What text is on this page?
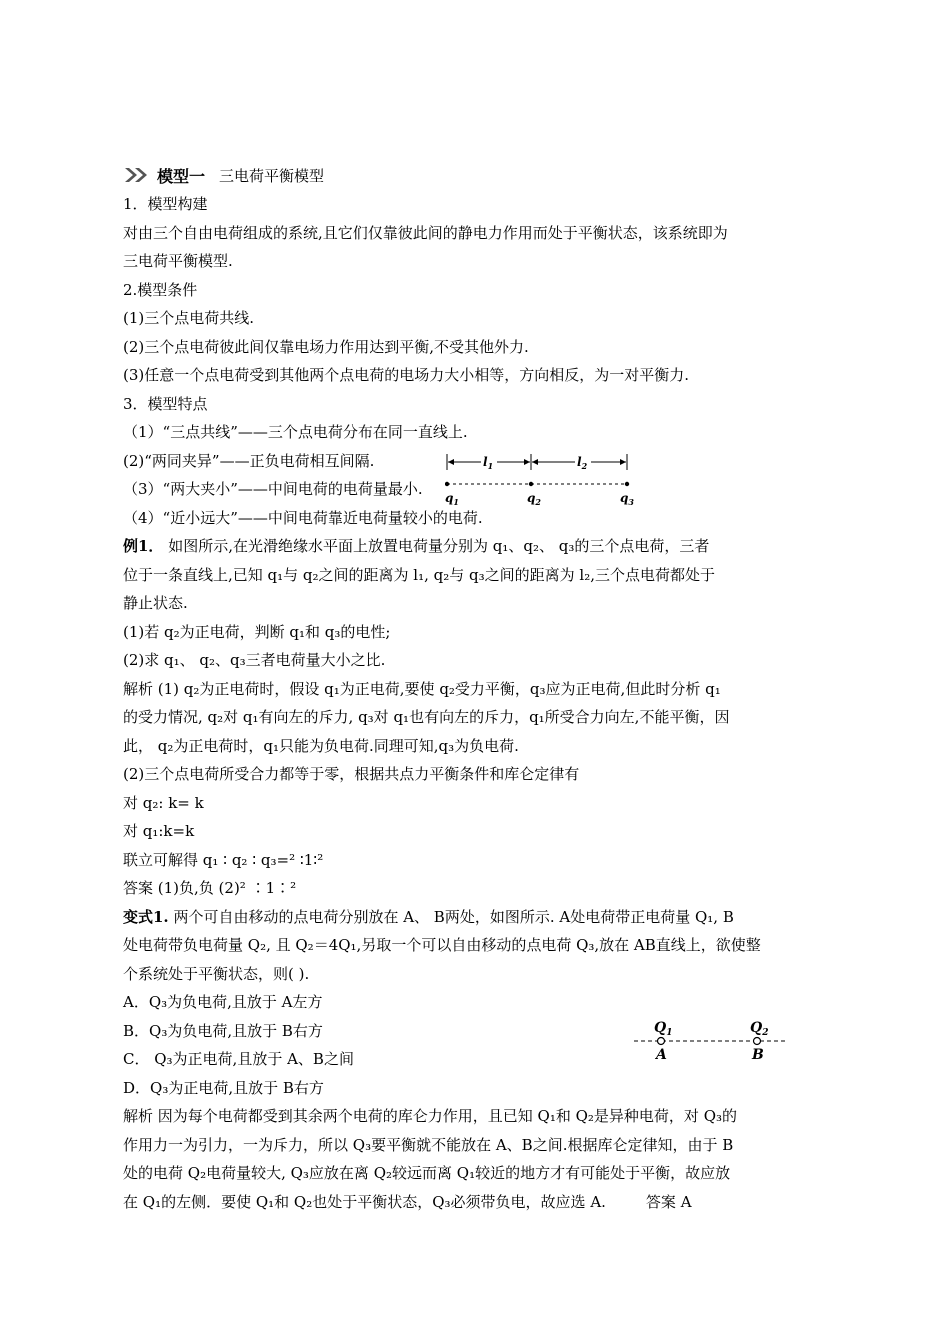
模型一 三电荷平衡模型
1．模型构建
对由三个自由电荷组成的系统,且它们仅靠彼此间的静电力作用而处于平衡状态，该系统即为
三电荷平衡模型.
2.模型条件
(1)三个点电荷共线.
(2)三个点电荷彼此间仅靠电场力作用达到平衡,不受其他外力.
(3)任意一个点电荷受到其他两个点电荷的电场力大小相等，方向相反，为一对平衡力.
3．模型特点
（1）“三点共线”——三个点电荷分布在同一直线上.
(2)“两同夹异”——正负电荷相互间隔.
（3）“两大夹小”——中间电荷的电荷量最小.
（4）“近小远大”——中间电荷靠近电荷量较小的电荷.
例1． 如图所示,在光滑绝缘水平面上放置电荷量分别为 q₁、q₂、 q₃的三个点电荷，三者
位于一条直线上,已知 q₁与 q₂之间的距离为 l₁, q₂与 q₃之间的距离为 l₂,三个点电荷都处于
静止状态.
(1)若 q₂为正电荷，判断 q₁和 q₃的电性;
(2)求 q₁、 q₂、q₃三者电荷量大小之比.
解析 (1) q₂为正电荷时，假设 q₁为正电荷,要使 q₂受力平衡，q₃应为正电荷,但此时分析 q₁
的受力情况, q₂对 q₁有向左的斥力, q₃对 q₁也有向左的斥力，q₁所受合力向左,不能平衡，因
此， q₂为正电荷时，q₁只能为负电荷.同理可知,q₃为负电荷.
(2)三个点电荷所受合力都等于零，根据共点力平衡条件和库仑定律有
对 q₂: k= k
对 q₁:k=k
联立可解得 q₁ ∶ q₂ ∶ q₃=² ∶1∶²
答案 (1)负,负 (2)² ∶1∶²
变式1. 两个可自由移动的点电荷分别放在 A、 B两处，如图所示. A处电荷带正电荷量 Q₁, B
处电荷带负电荷量 Q₂, 且 Q₂＝4Q₁,另取一个可以自由移动的点电荷 Q₃,放在 AB直线上，欲使整
个系统处于平衡状态，则( ).
A．Q₃为负电荷,且放于 A左方
B．Q₃为负电荷,且放于 B右方
C． Q₃为正电荷,且放于 A、B之间
D．Q₃为正电荷,且放于 B右方
解析 因为每个电荷都受到其余两个电荷的库仑力作用，且已知 Q₁和 Q₂是异种电荷，对 Q₃的
作用力一为引力，一为斥力，所以 Q₃要平衡就不能放在 A、B之间.根据库仑定律知，由于 B
处的电荷 Q₂电荷量较大, Q₃应放在离 Q₂较远而离 Q₁较近的地方才有可能处于平衡，故应放
在 Q₁的左侧．要使 Q₁和 Q₂也处于平衡状态，Q₃必须带负电，故应选 A.	答案 A
$l_1$	$l_2$
$q_1$	$q_2$	$q_3$
$Q_1$	$Q_2$
A	B
